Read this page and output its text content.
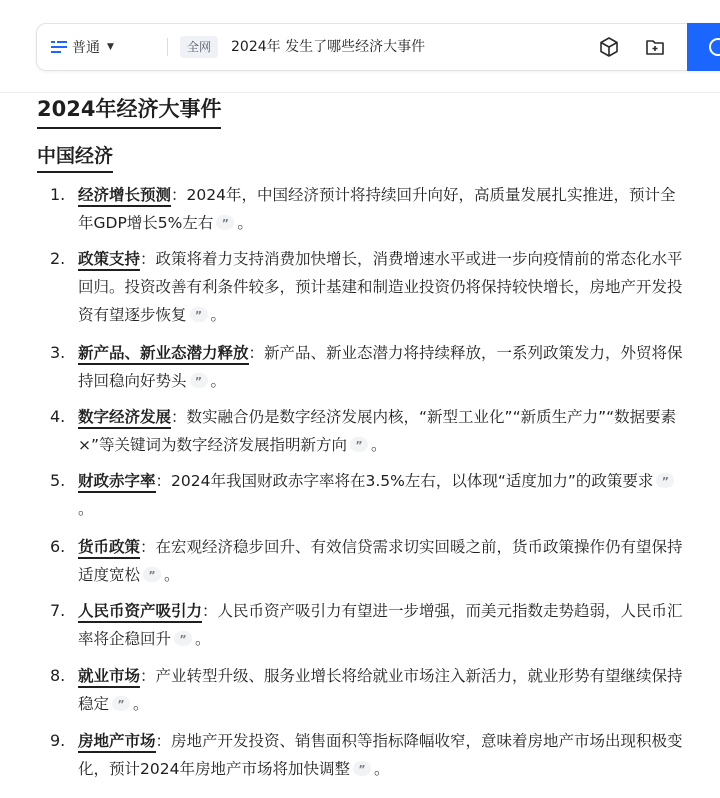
普通 ▼	全网	2024年 发生了哪些经济大事件
2024年经济大事件
中国经济
1. 经济增长预测：2024年，中国经济预计将持续回升向好，高质量发展扎实推进，预计全年GDP增长5%左右 ” 。
2. 政策支持：政策将着力支持消费加快增长，消费增速水平或进一步向疫情前的常态化水平回归。投资改善有利条件较多，预计基建和制造业投资仍将保持较快增长，房地产开发投资有望逐步恢复 ” 。
3. 新产品、新业态潜力释放：新产品、新业态潜力将持续释放，一系列政策发力，外贸将保持回稳向好势头 ” 。
4. 数字经济发展：数实融合仍是数字经济发展内核，“新型工业化”“新质生产力”“数据要素×”等关键词为数字经济发展指明新方向 ” 。
5. 财政赤字率：2024年我国财政赤字率将在3.5%左右，以体现“适度加力”的政策要求 ”。
6. 货币政策：在宏观经济稳步回升、有效信贷需求切实回暖之前，货币政策操作仍有望保持适度宽松 ” 。
7. 人民币资产吸引力：人民币资产吸引力有望进一步增强，而美元指数走势趋弱，人民币汇率将企稳回升 ” 。
8. 就业市场：产业转型升级、服务业增长将给就业市场注入新活力，就业形势有望继续保持稳定 ” 。
9. 房地产市场：房地产开发投资、销售面积等指标降幅收窄，意味着房地产市场出现积极变化，预计2024年房地产市场将加快调整 ” 。
